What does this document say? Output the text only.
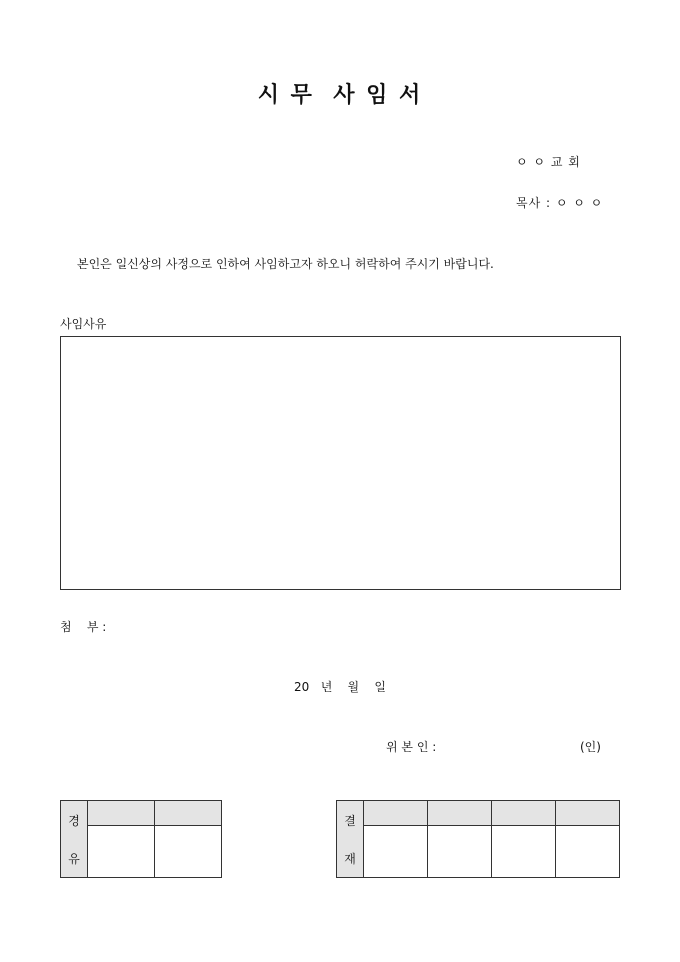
시 무  사 임 서
ㅇ ㅇ 교 회
목사 : ㅇ ㅇ ㅇ
본인은 일신상의 사정으로 인하여 사임하고자 하오니 허락하여 주시기 바랍니다.
사임사유
첨    부 :
20   년    월    일
위 본 인 :	(인)
경
유		

결
재				
